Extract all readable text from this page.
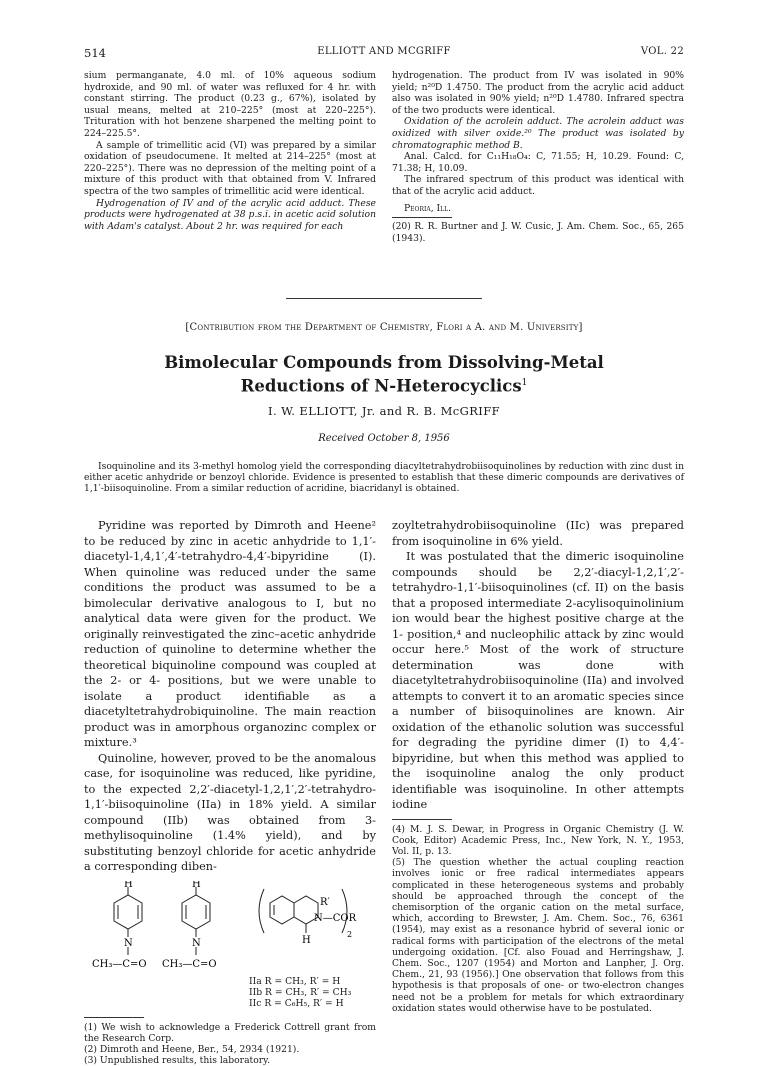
514	ELLIOTT AND MCGRIFF	VOL. 22

sium permanganate, 4.0 ml. of 10% aqueous sodium hydroxide, and 90 ml. of water was refluxed for 4 hr. with constant stirring. The product (0.23 g., 67%), isolated by usual means, melted at 210–225° (most at 220–225°). Trituration with hot benzene sharpened the melting point to 224–225.5°.

A sample of trimellitic acid (VI) was prepared by a similar oxidation of pseudocumene. It melted at 214–225° (most at 220–225°). There was no depression of the melting point of a mixture of this product with that obtained from V. Infrared spectra of the two samples of trimellitic acid were identical.

Hydrogenation of IV and of the acrylic acid adduct. These products were hydrogenated at 38 p.s.i. in acetic acid solution with Adam's catalyst. About 2 hr. was required for each

hydrogenation. The product from IV was isolated in 90% yield; n²⁰D 1.4750. The product from the acrylic acid adduct also was isolated in 90% yield; n²⁰D 1.4780. Infrared spectra of the two products were identical.

Oxidation of the acrolein adduct. The acrolein adduct was oxidized with silver oxide.²⁰ The product was isolated by chromatographic method B.

Anal. Calcd. for C₁₁H₁₈O₄: C, 71.55; H, 10.29. Found: C, 71.38; H, 10.09.

The infrared spectrum of this product was identical with that of the acrylic acid adduct.

Peoria, Ill.

(20) R. R. Burtner and J. W. Cusic, J. Am. Chem. Soc., 65, 265 (1943).

[Contribution from the Department of Chemistry, Flori a A. and M. University]
Bimolecular Compounds from Dissolving-Metal
Reductions of N-Heterocyclics$^1$
I. W. ELLIOTT, Jr. and R. B. McGRIFF
Received October 8, 1956
Isoquinoline and its 3-methyl homolog yield the corresponding diacyltetrahydrobiisoquinolines by reduction with zinc dust in either acetic anhydride or benzoyl chloride. Evidence is presented to establish that these dimeric compounds are derivatives of 1,1′-biisoquinoline. From a similar reduction of acridine, biacridanyl is obtained.

Pyridine was reported by Dimroth and Heene² to be reduced by zinc in acetic anhydride to 1,1′-diacetyl-1,4,1′,4′-tetrahydro-4,4′-bipyridine (I). When quinoline was reduced under the same conditions the product was assumed to be a bimolecular derivative analogous to I, but no analytical data were given for the product. We originally reinvestigated the zinc–acetic anhydride reduction of quinoline to determine whether the theoretical biquinoline compound was coupled at the 2- or 4- positions, but we were unable to isolate a product identifiable as a diacetyltetrahydrobiquinoline. The main reaction product was in amorphous organozinc complex or mixture.³

Quinoline, however, proved to be the anomalous case, for isoquinoline was reduced, like pyridine, to the expected 2,2′-diacetyl-1,2,1′,2′-tetrahydro-1,1′-biisoquinoline (IIa) in 18% yield. A similar compound (IIb) was obtained from 3-methylisoquinoline (1.4% yield), and by substituting benzoyl chloride for acetic anhydride a corresponding diben-

H	H
N	N
CH₃—C=O CH₃—C=O
R′
N—COR
H
2
IIa R = CH₃, R′ = H
IIb R = CH₃, R′ = CH₃
IIc R = C₆H₅, R′ = H

(1) We wish to acknowledge a Frederick Cottrell grant from the Research Corp.

(2) Dimroth and Heene, Ber., 54, 2934 (1921).

(3) Unpublished results, this laboratory.

zoyltetrahydrobiisoquinoline (IIc) was prepared from isoquinoline in 6% yield.

It was postulated that the dimeric isoquinoline compounds should be 2,2′-diacyl-1,2,1′,2′-tetrahydro-1,1′-biisoquinolines (cf. II) on the basis that a proposed intermediate 2-acylisoquinolinium ion would bear the highest positive charge at the 1- position,⁴ and nucleophilic attack by zinc would occur here.⁵ Most of the work of structure determination was done with diacetyltetrahydrobiisoquinoline (IIa) and involved attempts to convert it to an aromatic species since a number of biisoquinolines are known. Air oxidation of the ethanolic solution was successful for degrading the pyridine dimer (I) to 4,4′-bipyridine, but when this method was applied to the isoquinoline analog the only product identifiable was isoquinoline. In other attempts iodine

(4) M. J. S. Dewar, in Progress in Organic Chemistry (J. W. Cook, Editor) Academic Press, Inc., New York, N. Y., 1953, Vol. II, p. 13.

(5) The question whether the actual coupling reaction involves ionic or free radical intermediates appears complicated in these heterogeneous systems and probably should be approached through the concept of the chemisorption of the organic cation on the metal surface, which, according to Brewster, J. Am. Chem. Soc., 76, 6361 (1954), may exist as a resonance hybrid of several ionic or radical forms with participation of the electrons of the metal undergoing oxidation. [Cf. also Fouad and Herringshaw, J. Chem. Soc., 1207 (1954) and Morton and Lanpher, J. Org. Chem., 21, 93 (1956).] One observation that follows from this hypothesis is that proposals of one- or two-electron changes need not be a problem for metals for which extraordinary oxidation states would otherwise have to be postulated.
